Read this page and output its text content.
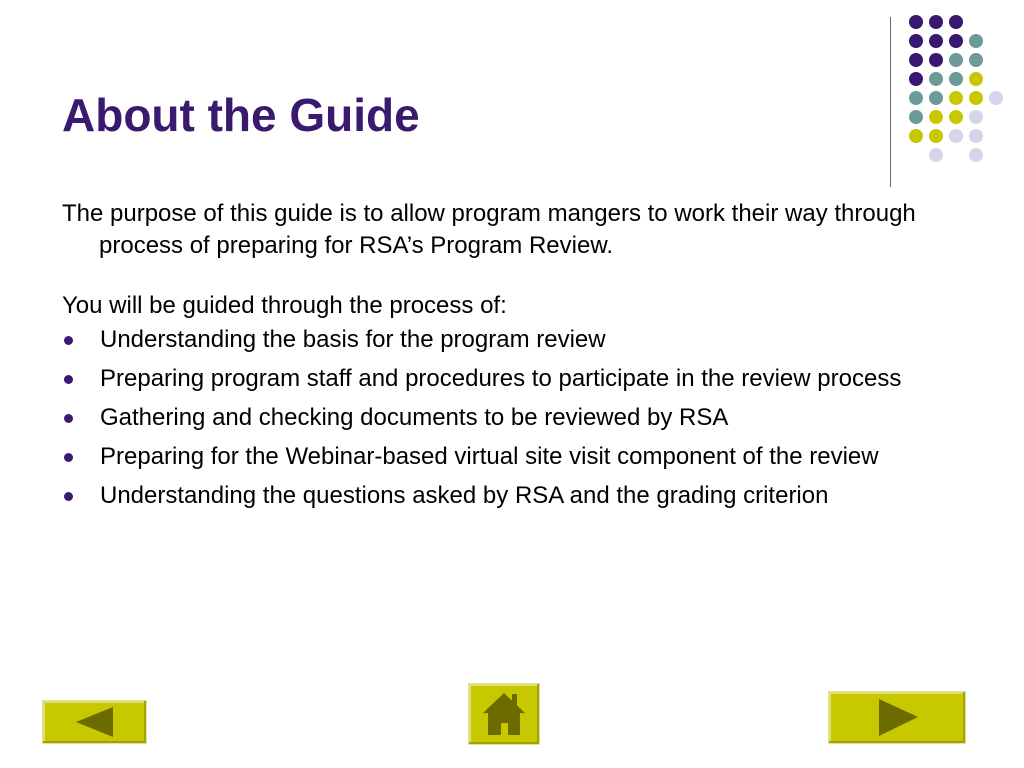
About the Guide

The purpose of this guide is to allow program mangers to work their way through process of preparing for RSA’s Program Review.

You will be guided through the process of:

Understanding the basis for the program review
Preparing program staff and procedures to participate in the review process
Gathering and checking documents to be reviewed by RSA
Preparing for the Webinar-based virtual site visit component of the review
Understanding the questions asked by RSA and the grading criterion
